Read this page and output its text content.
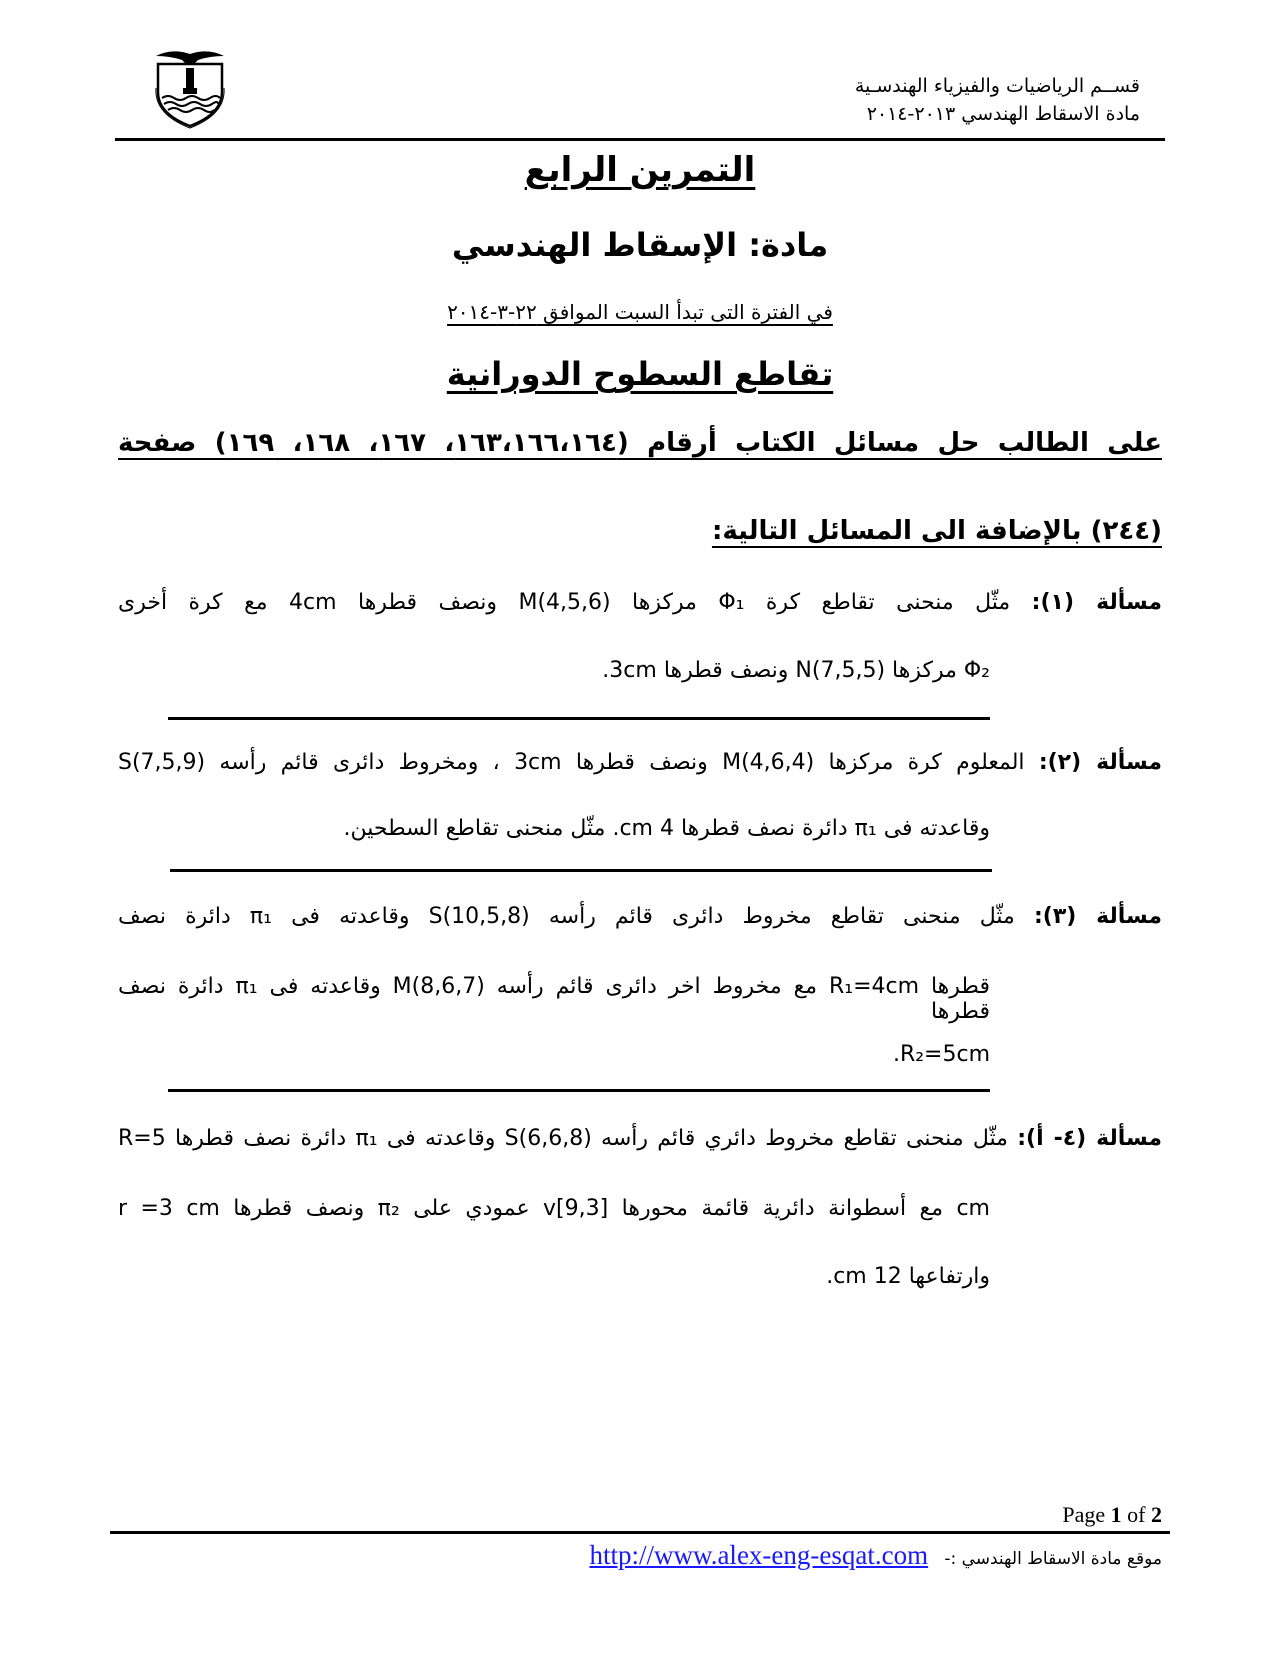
قســم الرياضيات والفيزياء الهندسـية
مادة الاسقاط الهندسي ٢٠١٣-٢٠١٤
التمرين الرابع
مادة: الإسقاط الهندسي
في الفترة التى تبدأ السبت الموافق ٢٢-٣-٢٠١٤
تقاطع السطوح الدورانية
على الطالب حل مسائل الكتاب أرقام (١٦٣،١٦٦،١٦٤، ١٦٧، ١٦٨، ١٦٩) صفحة
(٢٤٤) بالإضافة الى المسائل التالية:
مسألة (١): مثّل منحنى تقاطع كرة Φ₁ مركزها M(4,5,6) ونصف قطرها 4cm مع كرة أخرى
Φ₂ مركزها N(7,5,5) ونصف قطرها 3cm.
مسألة (٢): المعلوم كرة مركزها M(4,6,4) ونصف قطرها 3cm ، ومخروط دائرى قائم رأسه S(7,5,9)
وقاعدته فى π₁ دائرة نصف قطرها 4 cm. مثّل منحنى تقاطع السطحين.
مسألة (٣): مثّل منحنى تقاطع مخروط دائرى قائم رأسه S(10,5,8) وقاعدته فى π₁ دائرة نصف
قطرها R₁=4cm مع مخروط اخر دائرى قائم رأسه M(8,6,7) وقاعدته فى π₁ دائرة نصف قطرها
R₂=5cm.
مسألة (٤- أ): مثّل منحنى تقاطع مخروط دائري قائم رأسه S(6,6,8) وقاعدته فى π₁ دائرة نصف قطرها R=5
cm مع أسطوانة دائرية قائمة محورها v[9,3] عمودي على π₂ ونصف قطرها r =3 cm
وارتفاعها 12 cm.
Page 1 of 2
http://www.alex-eng-esqat.com موقع مادة الاسقاط الهندسي :-
